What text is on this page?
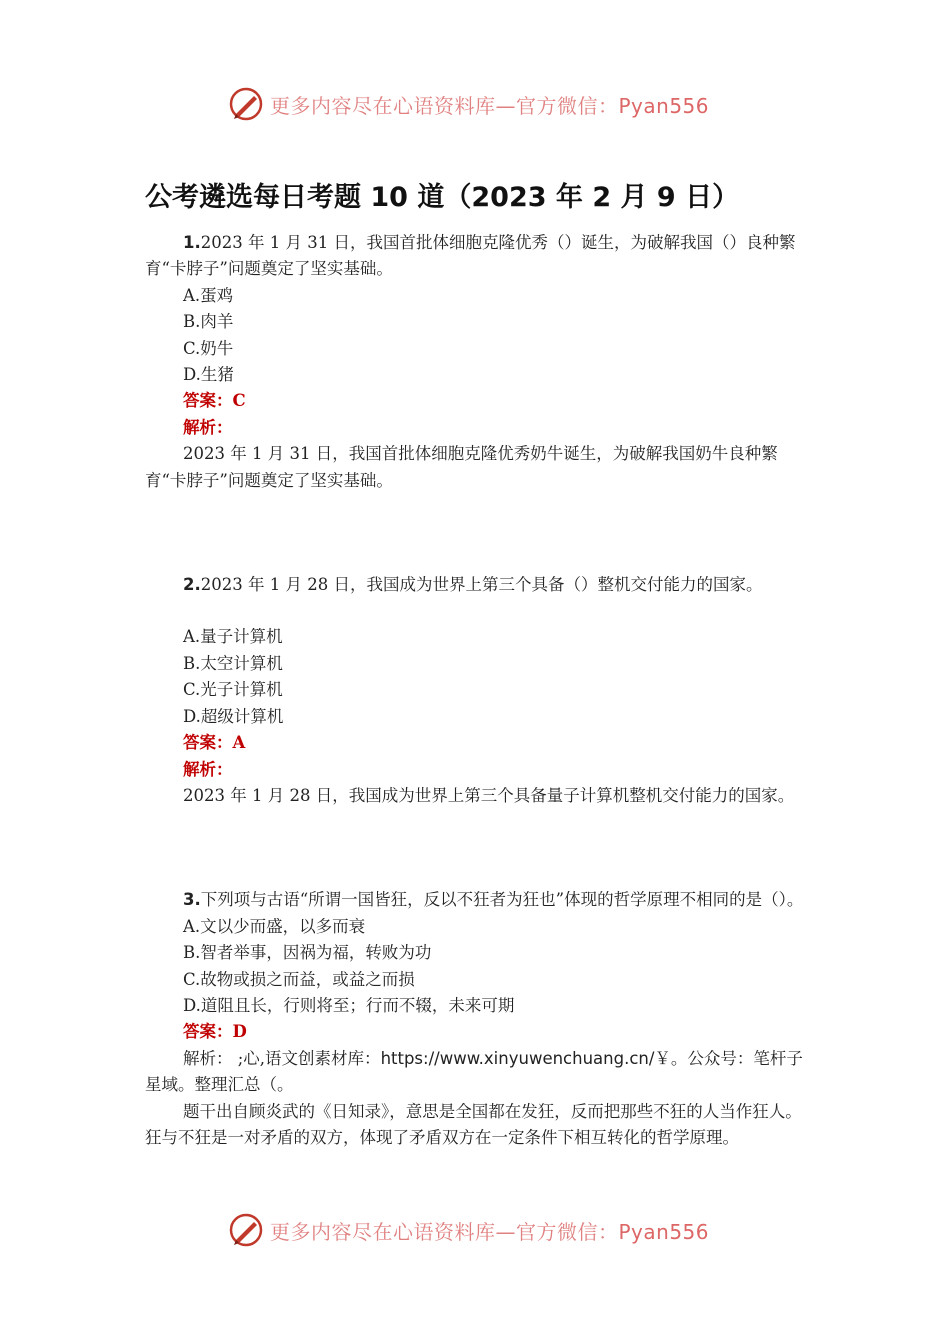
更多内容尽在心语资料库—官方微信：Pyan556
公考遴选每日考题 10 道（2023 年 2 月 9 日）

1.2023 年 1 月 31 日，我国首批体细胞克隆优秀（）诞生，为破解我国（）良种繁育“卡脖子”问题奠定了坚实基础。

A.蛋鸡

B.肉羊

C.奶牛

D.生猪

答案：C

解析：

2023 年 1 月 31 日，我国首批体细胞克隆优秀奶牛诞生，为破解我国奶牛良种繁育“卡脖子”问题奠定了坚实基础。

2.2023 年 1 月 28 日，我国成为世界上第三个具备（）整机交付能力的国家。

A.量子计算机

B.太空计算机

C.光子计算机

D.超级计算机

答案：A

解析：

2023 年 1 月 28 日，我国成为世界上第三个具备量子计算机整机交付能力的国家。

3.下列项与古语“所谓一国皆狂，反以不狂者为狂也”体现的哲学原理不相同的是（）。

A.文以少而盛，以多而衰

B.智者举事，因祸为福，转败为功

C.故物或损之而益，或益之而损

D.道阻且长，行则将至；行而不辍，未来可期

答案：D

解析： ;心,语文创素材库：https://www.xinyuwenchuang.cn/￥。公众号：笔杆子星域。整理汇总（。

题干出自顾炎武的《日知录》，意思是全国都在发狂，反而把那些不狂的人当作狂人。狂与不狂是一对矛盾的双方，体现了矛盾双方在一定条件下相互转化的哲学原理。

更多内容尽在心语资料库—官方微信：Pyan556
